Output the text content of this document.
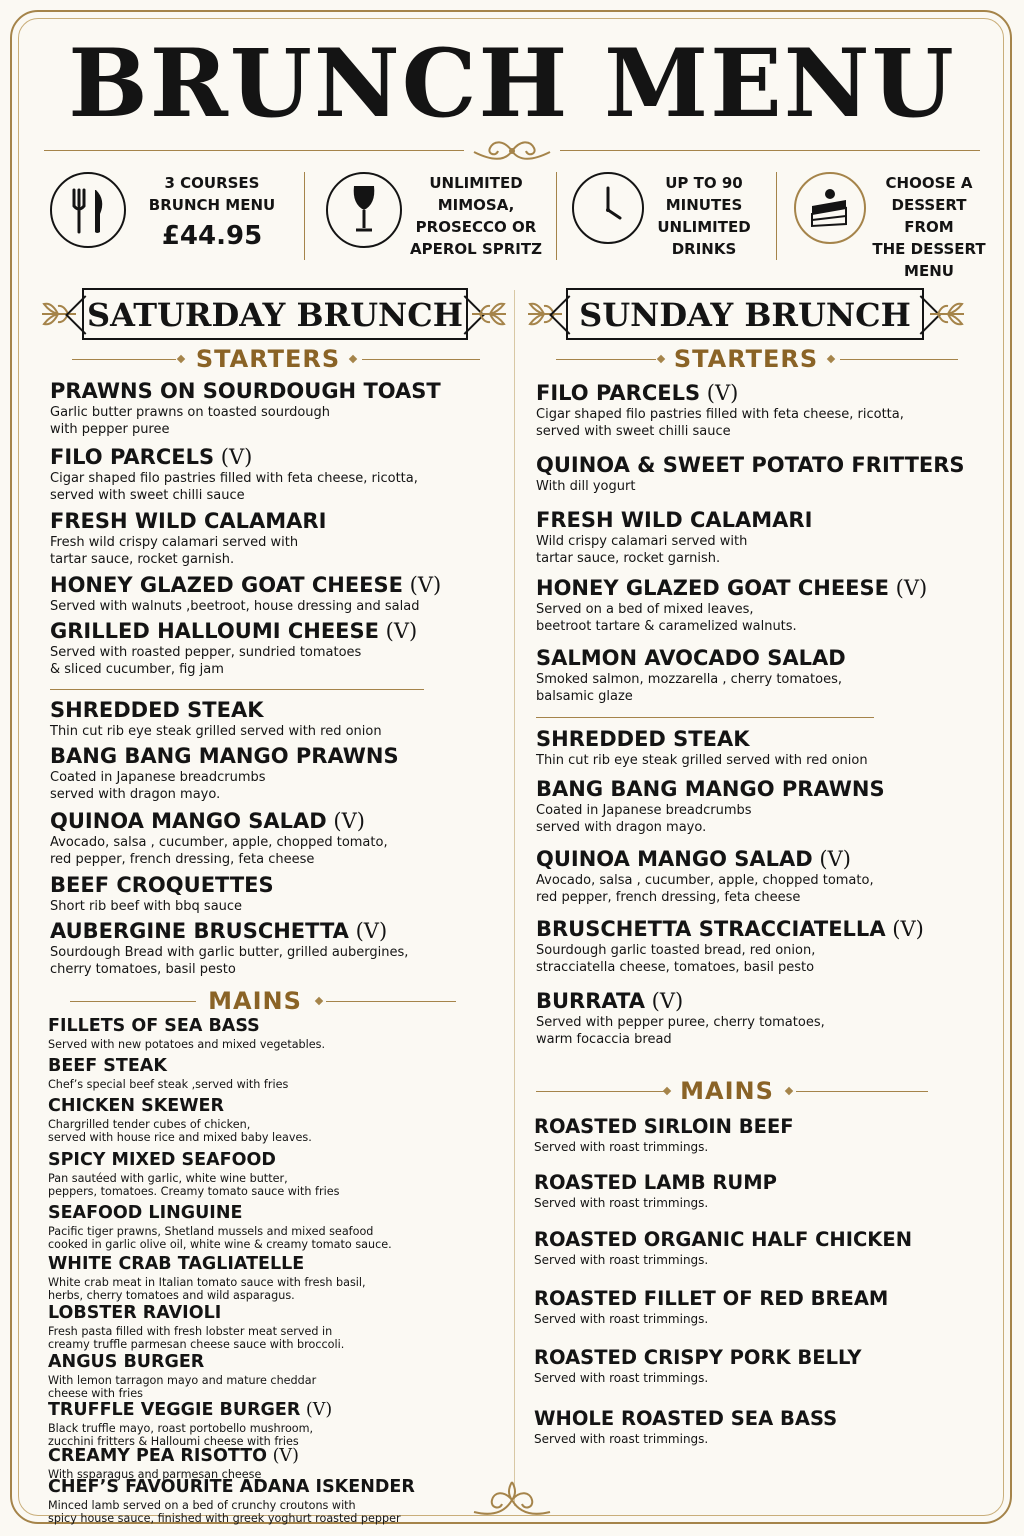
BRUNCH MENU
3 COURSES
BRUNCH MENU
£44.95
UNLIMITED
MIMOSA,
PROSECCO OR
APEROL SPRITZ
UP TO 90
MINUTES
UNLIMITED
DRINKS
CHOOSE A
DESSERT FROM
THE DESSERT
MENU
SATURDAY BRUNCH	SUNDAY BRUNCH
STARTERS	STARTERS
MAINS
MAINS
PRAWNS ON SOURDOUGH TOAST
Garlic butter prawns on toasted sourdough
with pepper puree
FILO PARCELS (V)
Cigar shaped filo pastries filled with feta cheese, ricotta,
served with sweet chilli sauce
FRESH WILD CALAMARI
Fresh wild crispy calamari served with
tartar sauce, rocket garnish.
HONEY GLAZED GOAT CHEESE (V)
Served with walnuts ,beetroot, house dressing and salad
GRILLED HALLOUMI CHEESE (V)
Served with roasted pepper, sundried tomatoes
& sliced cucumber, fig jam
SHREDDED STEAK
Thin cut rib eye steak grilled served with red onion
BANG BANG MANGO PRAWNS
Coated in Japanese breadcrumbs
served with dragon mayo.
QUINOA MANGO SALAD (V)
Avocado, salsa , cucumber, apple, chopped tomato,
red pepper, french dressing, feta cheese
BEEF CROQUETTES
Short rib beef with bbq sauce
AUBERGINE BRUSCHETTA (V)
Sourdough Bread with garlic butter, grilled aubergines,
cherry tomatoes, basil pesto
FILLETS OF SEA BASS
Served with new potatoes and mixed vegetables.
BEEF STEAK
Chef’s special beef steak ,served with fries
CHICKEN SKEWER
Chargrilled tender cubes of chicken,
served with house rice and mixed baby leaves.
SPICY MIXED SEAFOOD
Pan sautéed with garlic, white wine butter,
peppers, tomatoes. Creamy tomato sauce with fries
SEAFOOD LINGUINE
Pacific tiger prawns, Shetland mussels and mixed seafood
cooked in garlic olive oil, white wine & creamy tomato sauce.
WHITE CRAB TAGLIATELLE
White crab meat in Italian tomato sauce with fresh basil,
herbs, cherry tomatoes and wild asparagus.
LOBSTER RAVIOLI
Fresh pasta filled with fresh lobster meat served in
creamy truffle parmesan cheese sauce with broccoli.
ANGUS BURGER
With lemon tarragon mayo and mature cheddar
cheese with fries
TRUFFLE VEGGIE BURGER (V)
Black truffle mayo, roast portobello mushroom,
zucchini fritters & Halloumi cheese with fries
CREAMY PEA RISOTTO (V)
With ssparagus and parmesan cheese
CHEF’S FAVOURITE ADANA ISKENDER
Minced lamb served on a bed of crunchy croutons with
spicy house sauce, finished with greek yoghurt roasted pepper
FILO PARCELS (V)
Cigar shaped filo pastries filled with feta cheese, ricotta,
served with sweet chilli sauce
QUINOA & SWEET POTATO FRITTERS
With dill yogurt
FRESH WILD CALAMARI
Wild crispy calamari served with
tartar sauce, rocket garnish.
HONEY GLAZED GOAT CHEESE (V)
Served on a bed of mixed leaves,
beetroot tartare & caramelized walnuts.
SALMON AVOCADO SALAD
Smoked salmon, mozzarella , cherry tomatoes,
balsamic glaze
SHREDDED STEAK
Thin cut rib eye steak grilled served with red onion
BANG BANG MANGO PRAWNS
Coated in Japanese breadcrumbs
served with dragon mayo.
QUINOA MANGO SALAD (V)
Avocado, salsa , cucumber, apple, chopped tomato,
red pepper, french dressing, feta cheese
BRUSCHETTA STRACCIATELLA (V)
Sourdough garlic toasted bread, red onion,
stracciatella cheese, tomatoes, basil pesto
BURRATA (V)
Served with pepper puree, cherry tomatoes,
warm focaccia bread
ROASTED SIRLOIN BEEF
Served with roast trimmings.
ROASTED LAMB RUMP
Served with roast trimmings.
ROASTED ORGANIC HALF CHICKEN
Served with roast trimmings.
ROASTED FILLET OF RED BREAM
Served with roast trimmings.
ROASTED CRISPY PORK BELLY
Served with roast trimmings.
WHOLE ROASTED SEA BASS
Served with roast trimmings.
